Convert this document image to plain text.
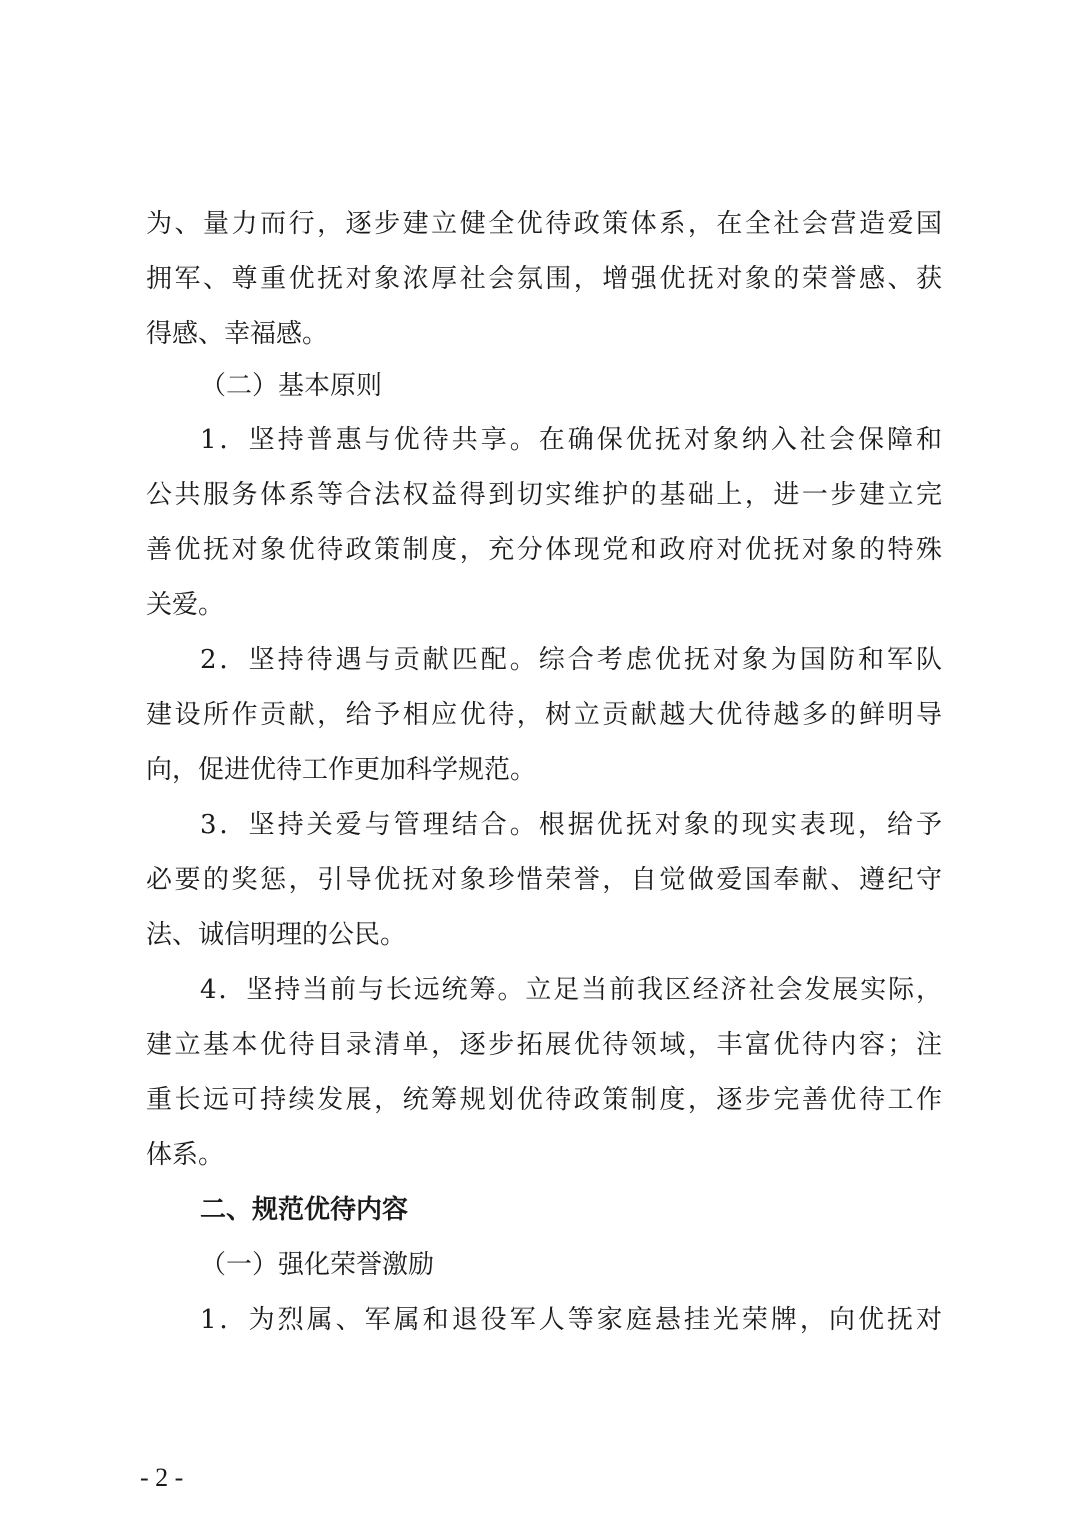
为、量力而行，逐步建立健全优待政策体系，在全社会营造爱国
拥军、尊重优抚对象浓厚社会氛围，增强优抚对象的荣誉感、获
得感、幸福感。
（二）基本原则
1．坚持普惠与优待共享。在确保优抚对象纳入社会保障和
公共服务体系等合法权益得到切实维护的基础上，进一步建立完
善优抚对象优待政策制度，充分体现党和政府对优抚对象的特殊
关爱。
2．坚持待遇与贡献匹配。综合考虑优抚对象为国防和军队
建设所作贡献，给予相应优待，树立贡献越大优待越多的鲜明导
向，促进优待工作更加科学规范。
3．坚持关爱与管理结合。根据优抚对象的现实表现，给予
必要的奖惩，引导优抚对象珍惜荣誉，自觉做爱国奉献、遵纪守
法、诚信明理的公民。
4．坚持当前与长远统筹。立足当前我区经济社会发展实际，
建立基本优待目录清单，逐步拓展优待领域，丰富优待内容；注
重长远可持续发展，统筹规划优待政策制度，逐步完善优待工作
体系。
二、规范优待内容
（一）强化荣誉激励
1．为烈属、军属和退役军人等家庭悬挂光荣牌，向优抚对
- 2 -
